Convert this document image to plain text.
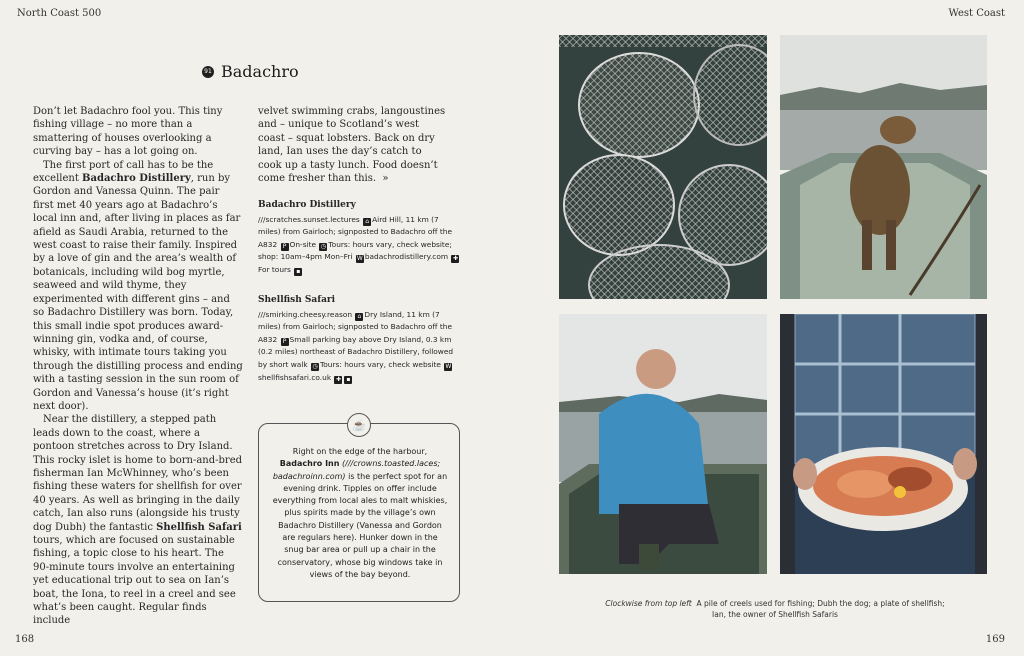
North Coast 500	West Coast
91 Badachro

Don’t let Badachro fool you. This tiny fishing village – no more than a smattering of houses overlooking a curving bay – has a lot going on.

The first port of call has to be the excellent Badachro Distillery, run by Gordon and Vanessa Quinn. The pair first met 40 years ago at Badachro’s local inn and, after living in places as far afield as Saudi Arabia, returned to the west coast to raise their family. Inspired by a love of gin and the area’s wealth of botanicals, including wild bog myrtle, seaweed and wild thyme, they experimented with different gins – and so Badachro Distillery was born. Today, this small indie spot produces award-winning gin, vodka and, of course, whisky, with intimate tours taking you through the distilling process and ending with a tasting session in the sun room of Gordon and Vanessa’s house (it’s right next door).

Near the distillery, a stepped path leads down to the coast, where a pontoon stretches across to Dry Island. This rocky islet is home to born-and-bred fisherman Ian McWhinney, who’s been fishing these waters for shellfish for over 40 years. As well as bringing in the daily catch, Ian also runs (alongside his trusty dog Dubh) the fantastic Shellfish Safari tours, which are focused on sustainable fishing, a topic close to his heart. The 90-minute tours involve an entertaining yet educational trip out to sea on Ian’s boat, the Iona, to reel in a creel and see what’s been caught. Regular finds include

velvet swimming crabs, langoustines and – unique to Scotland’s west coast – squat lobsters. Back on dry land, Ian uses the day’s catch to cook up a tasty lunch. Food doesn’t come fresher than this. »

Badachro Distillery
///scratches.sunset.lectures ⌂ Aird Hill, 11 km (7 miles) from Gairloch; signposted to Badachro off the A832 P On-site ◷ Tours: hours vary, check website; shop: 10am–4pm Mon–Fri W badachrodistillery.com ✚For tours ▪
Shellfish Safari
///smirking.cheesy.reason ⌂ Dry Island, 11 km (7 miles) from Gairloch; signposted to Badachro off the A832 P Small parking bay above Dry Island, 0.3 km (0.2 miles) northeast of Badachro Distillery, followed by short walk ◷ Tours: hours vary, check website Wshellfishsafari.co.uk ✚ ▪
☕
Right on the edge of the harbour, Badachro Inn (///crowns.toasted.laces; badachroinn.com) is the perfect spot for an evening drink. Tipples on offer include everything from local ales to malt whiskies, plus spirits made by the village’s own Badachro Distillery (Vanessa and Gordon are regulars here). Hunker down in the snug bar area or pull up a chair in the conservatory, whose big windows take in views of the bay beyond.
Clockwise from top left A pile of creels used for fishing; Dubh the dog; a plate of shellfish; Ian, the owner of Shellfish Safaris
168	169
